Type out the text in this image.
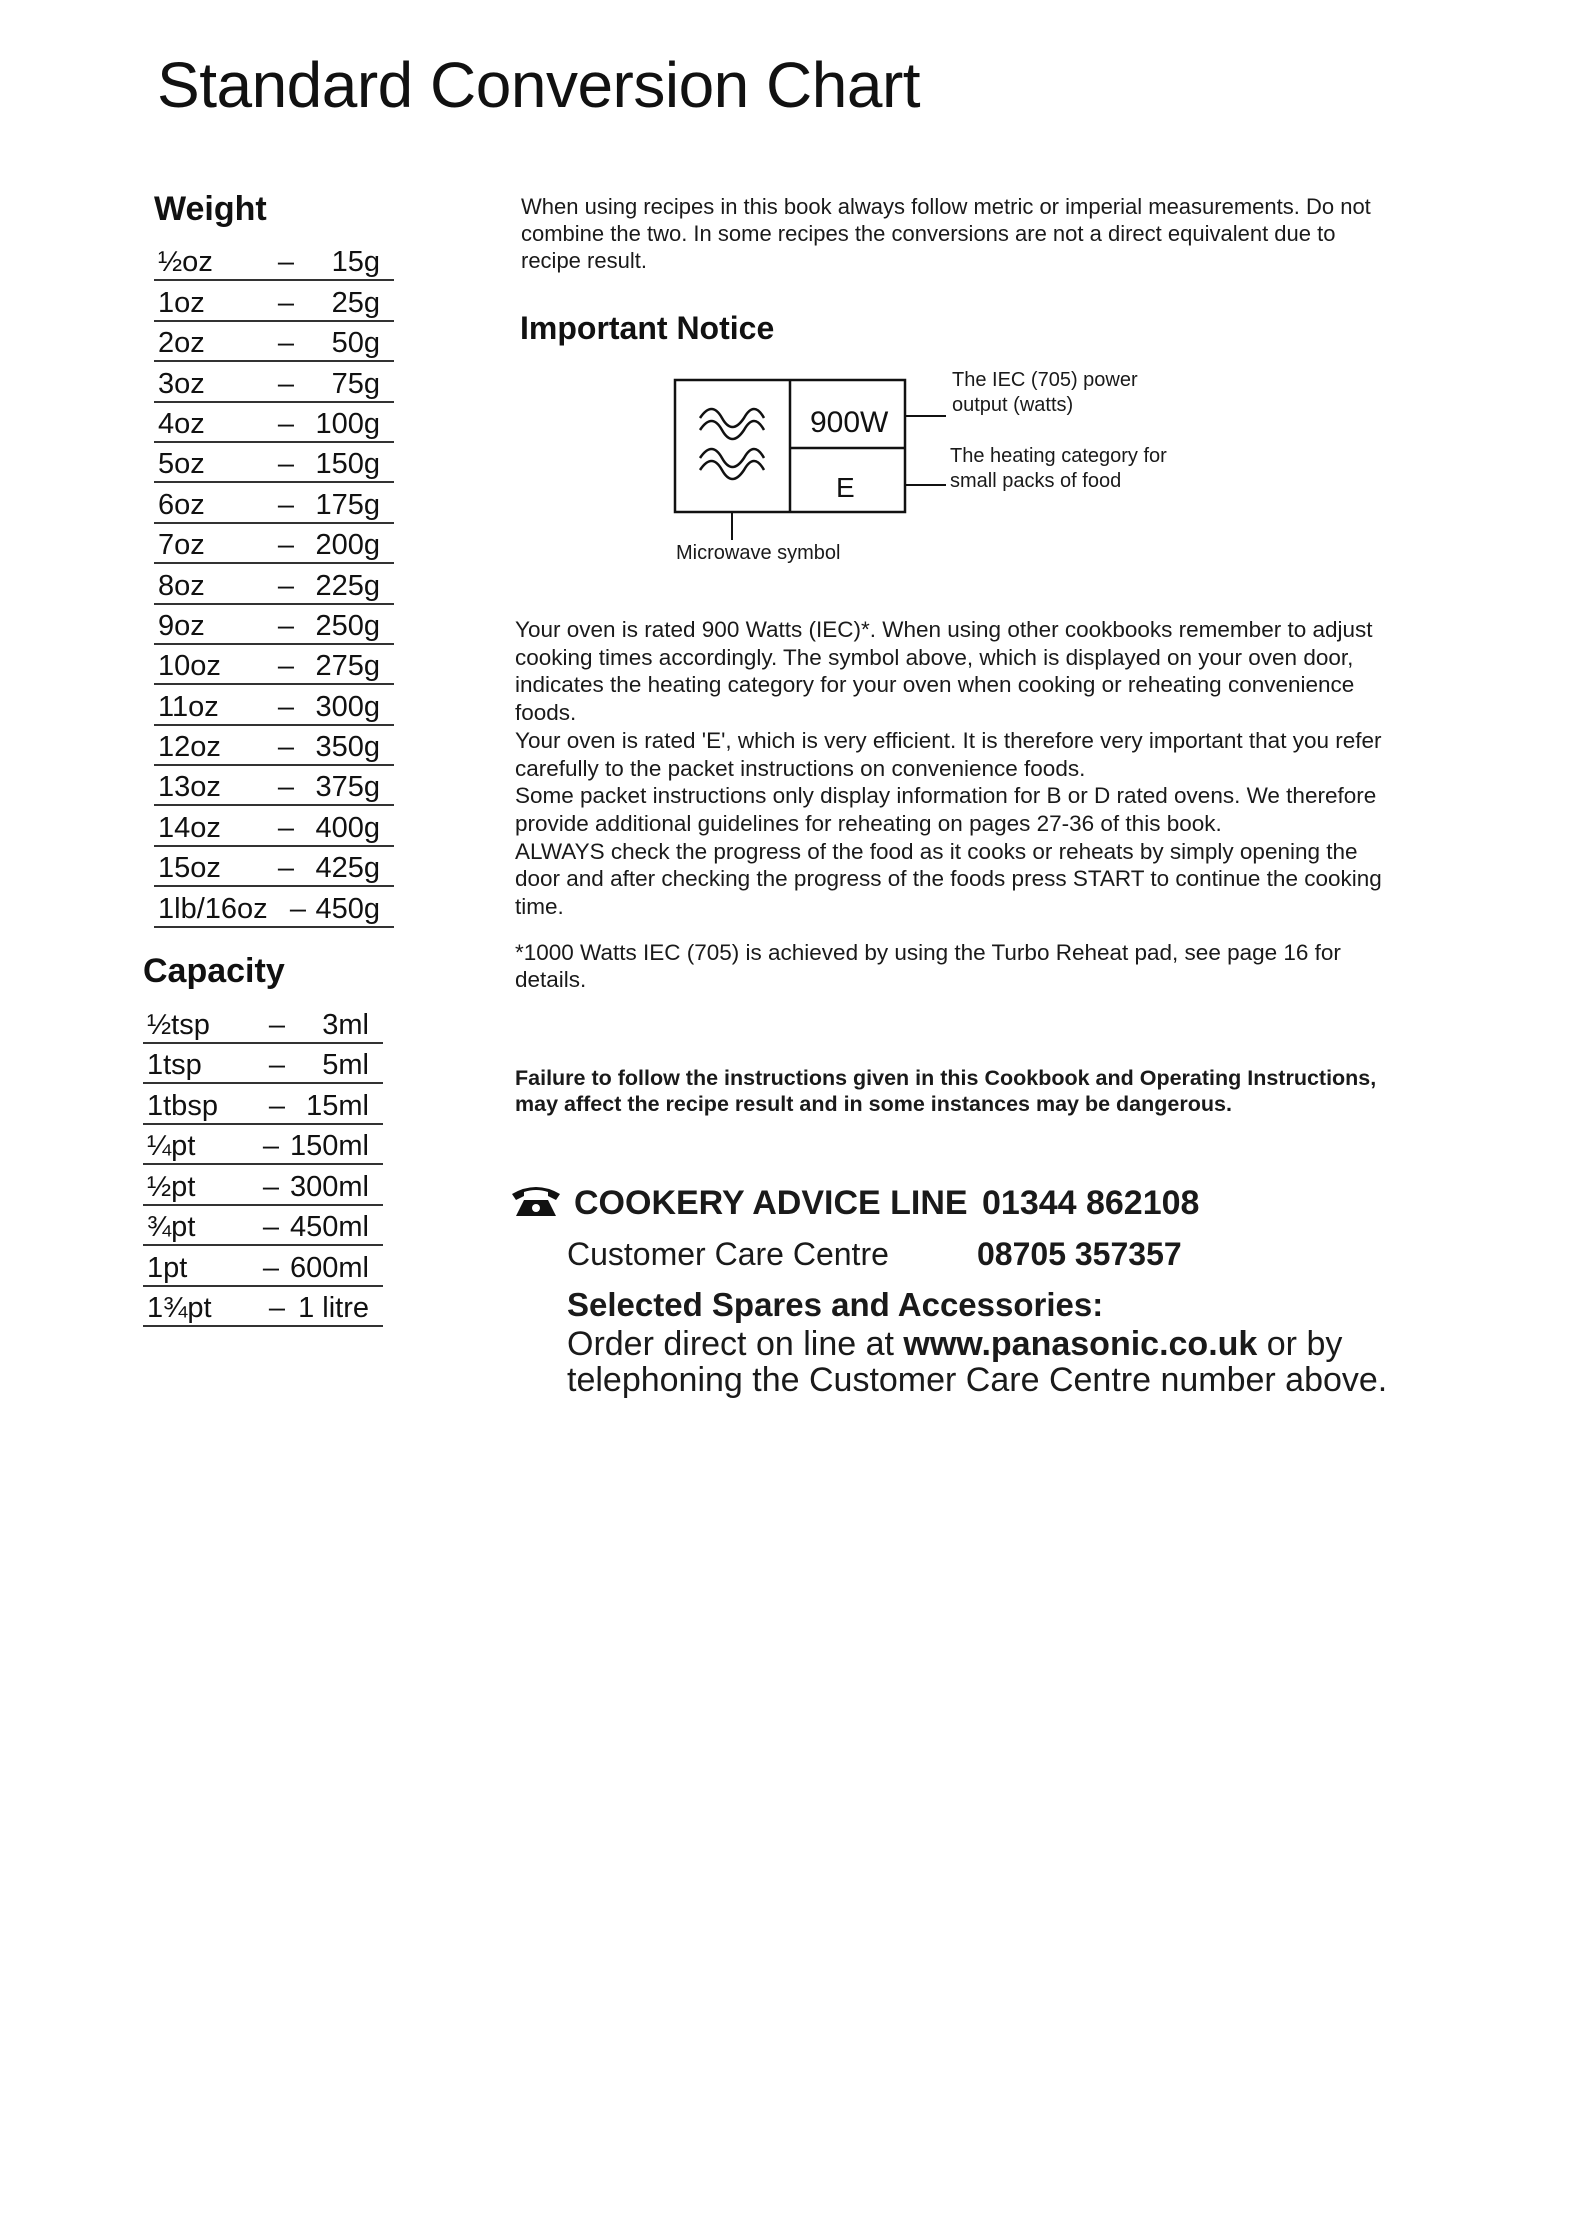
Standard Conversion Chart
Weight
½oz	–	15g
1oz	–	25g
2oz	–	50g
3oz	–	75g
4oz	– 100g
5oz	– 150g
6oz	– 175g
7oz	– 200g
8oz	– 225g
9oz	– 250g
10oz	– 275g
11oz	– 300g
12oz	– 350g
13oz	– 375g
14oz	– 400g
15oz	– 425g
1lb/16oz – 450g
Capacity
½tsp	–	3ml
1tsp	–	5ml
1tbsp	– 15ml
¼pt	– 150ml
½pt	– 300ml
¾pt	– 450ml
1pt	– 600ml
1¾pt	– 1 litre

When using recipes in this book always follow metric or imperial measurements. Do not combine the two. In some recipes the conversions are not a direct equivalent due to recipe result.

Important Notice
900W
E
The IEC (705) power output (watts)
The heating category for small packs of food
Microwave symbol
Your oven is rated 900 Watts (IEC)*. When using other cookbooks remember to adjust cooking times accordingly. The symbol above, which is displayed on your oven door, indicates the heating category for your oven when cooking or reheating convenience foods.
Your oven is rated 'E', which is very efficient. It is therefore very important that you refer carefully to the packet instructions on convenience foods.
Some packet instructions only display information for B or D rated ovens. We therefore provide additional guidelines for reheating on pages 27-36 of this book.
ALWAYS check the progress of the food as it cooks or reheats by simply opening the door and after checking the progress of the foods press START to continue the cooking time.
*1000 Watts IEC (705) is achieved by using the Turbo Reheat pad, see page 16 for details.

Failure to follow the instructions given in this Cookbook and Operating Instructions, may affect the recipe result and in some instances may be dangerous.

COOKERY ADVICE LINE 01344 862108
Customer Care Centre	08705 357357

Selected Spares and Accessories:

Order direct on line at www.panasonic.co.uk or by telephoning the Customer Care Centre number above.
